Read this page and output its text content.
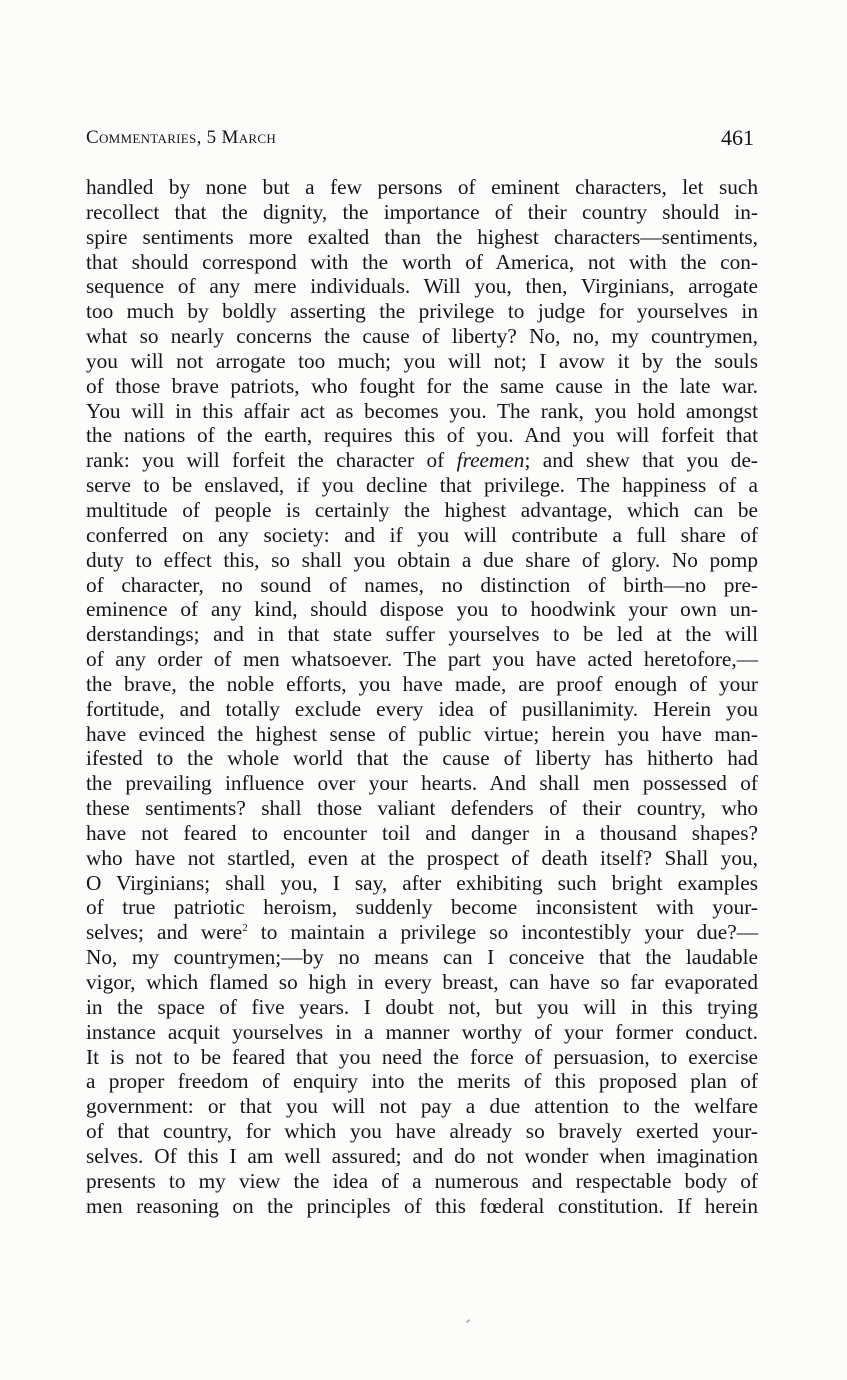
Commentaries, 5 March	461
handled by none but a few persons of eminent characters, let such
recollect that the dignity, the importance of their country should in-
spire sentiments more exalted than the highest characters—sentiments,
that should correspond with the worth of America, not with the con-
sequence of any mere individuals. Will you, then, Virginians, arrogate
too much by boldly asserting the privilege to judge for yourselves in
what so nearly concerns the cause of liberty? No, no, my countrymen,
you will not arrogate too much; you will not; I avow it by the souls
of those brave patriots, who fought for the same cause in the late war.
You will in this affair act as becomes you. The rank, you hold amongst
the nations of the earth, requires this of you. And you will forfeit that
rank: you will forfeit the character of freemen; and shew that you de-
serve to be enslaved, if you decline that privilege. The happiness of a
multitude of people is certainly the highest advantage, which can be
conferred on any society: and if you will contribute a full share of
duty to effect this, so shall you obtain a due share of glory. No pomp
of character, no sound of names, no distinction of birth—no pre-
eminence of any kind, should dispose you to hoodwink your own un-
derstandings; and in that state suffer yourselves to be led at the will
of any order of men whatsoever. The part you have acted heretofore,—
the brave, the noble efforts, you have made, are proof enough of your
fortitude, and totally exclude every idea of pusillanimity. Herein you
have evinced the highest sense of public virtue; herein you have man-
ifested to the whole world that the cause of liberty has hitherto had
the prevailing influence over your hearts. And shall men possessed of
these sentiments? shall those valiant defenders of their country, who
have not feared to encounter toil and danger in a thousand shapes?
who have not startled, even at the prospect of death itself? Shall you,
O Virginians; shall you, I say, after exhibiting such bright examples
of true patriotic heroism, suddenly become inconsistent with your-
selves; and were$^2$ to maintain a privilege so incontestibly your due?—
No, my countrymen;—by no means can I conceive that the laudable
vigor, which flamed so high in every breast, can have so far evaporated
in the space of five years. I doubt not, but you will in this trying
instance acquit yourselves in a manner worthy of your former conduct.
It is not to be feared that you need the force of persuasion, to exercise
a proper freedom of enquiry into the merits of this proposed plan of
government: or that you will not pay a due attention to the welfare
of that country, for which you have already so bravely exerted your-
selves. Of this I am well assured; and do not wonder when imagination
presents to my view the idea of a numerous and respectable body of
men reasoning on the principles of this fœderal constitution. If herein
